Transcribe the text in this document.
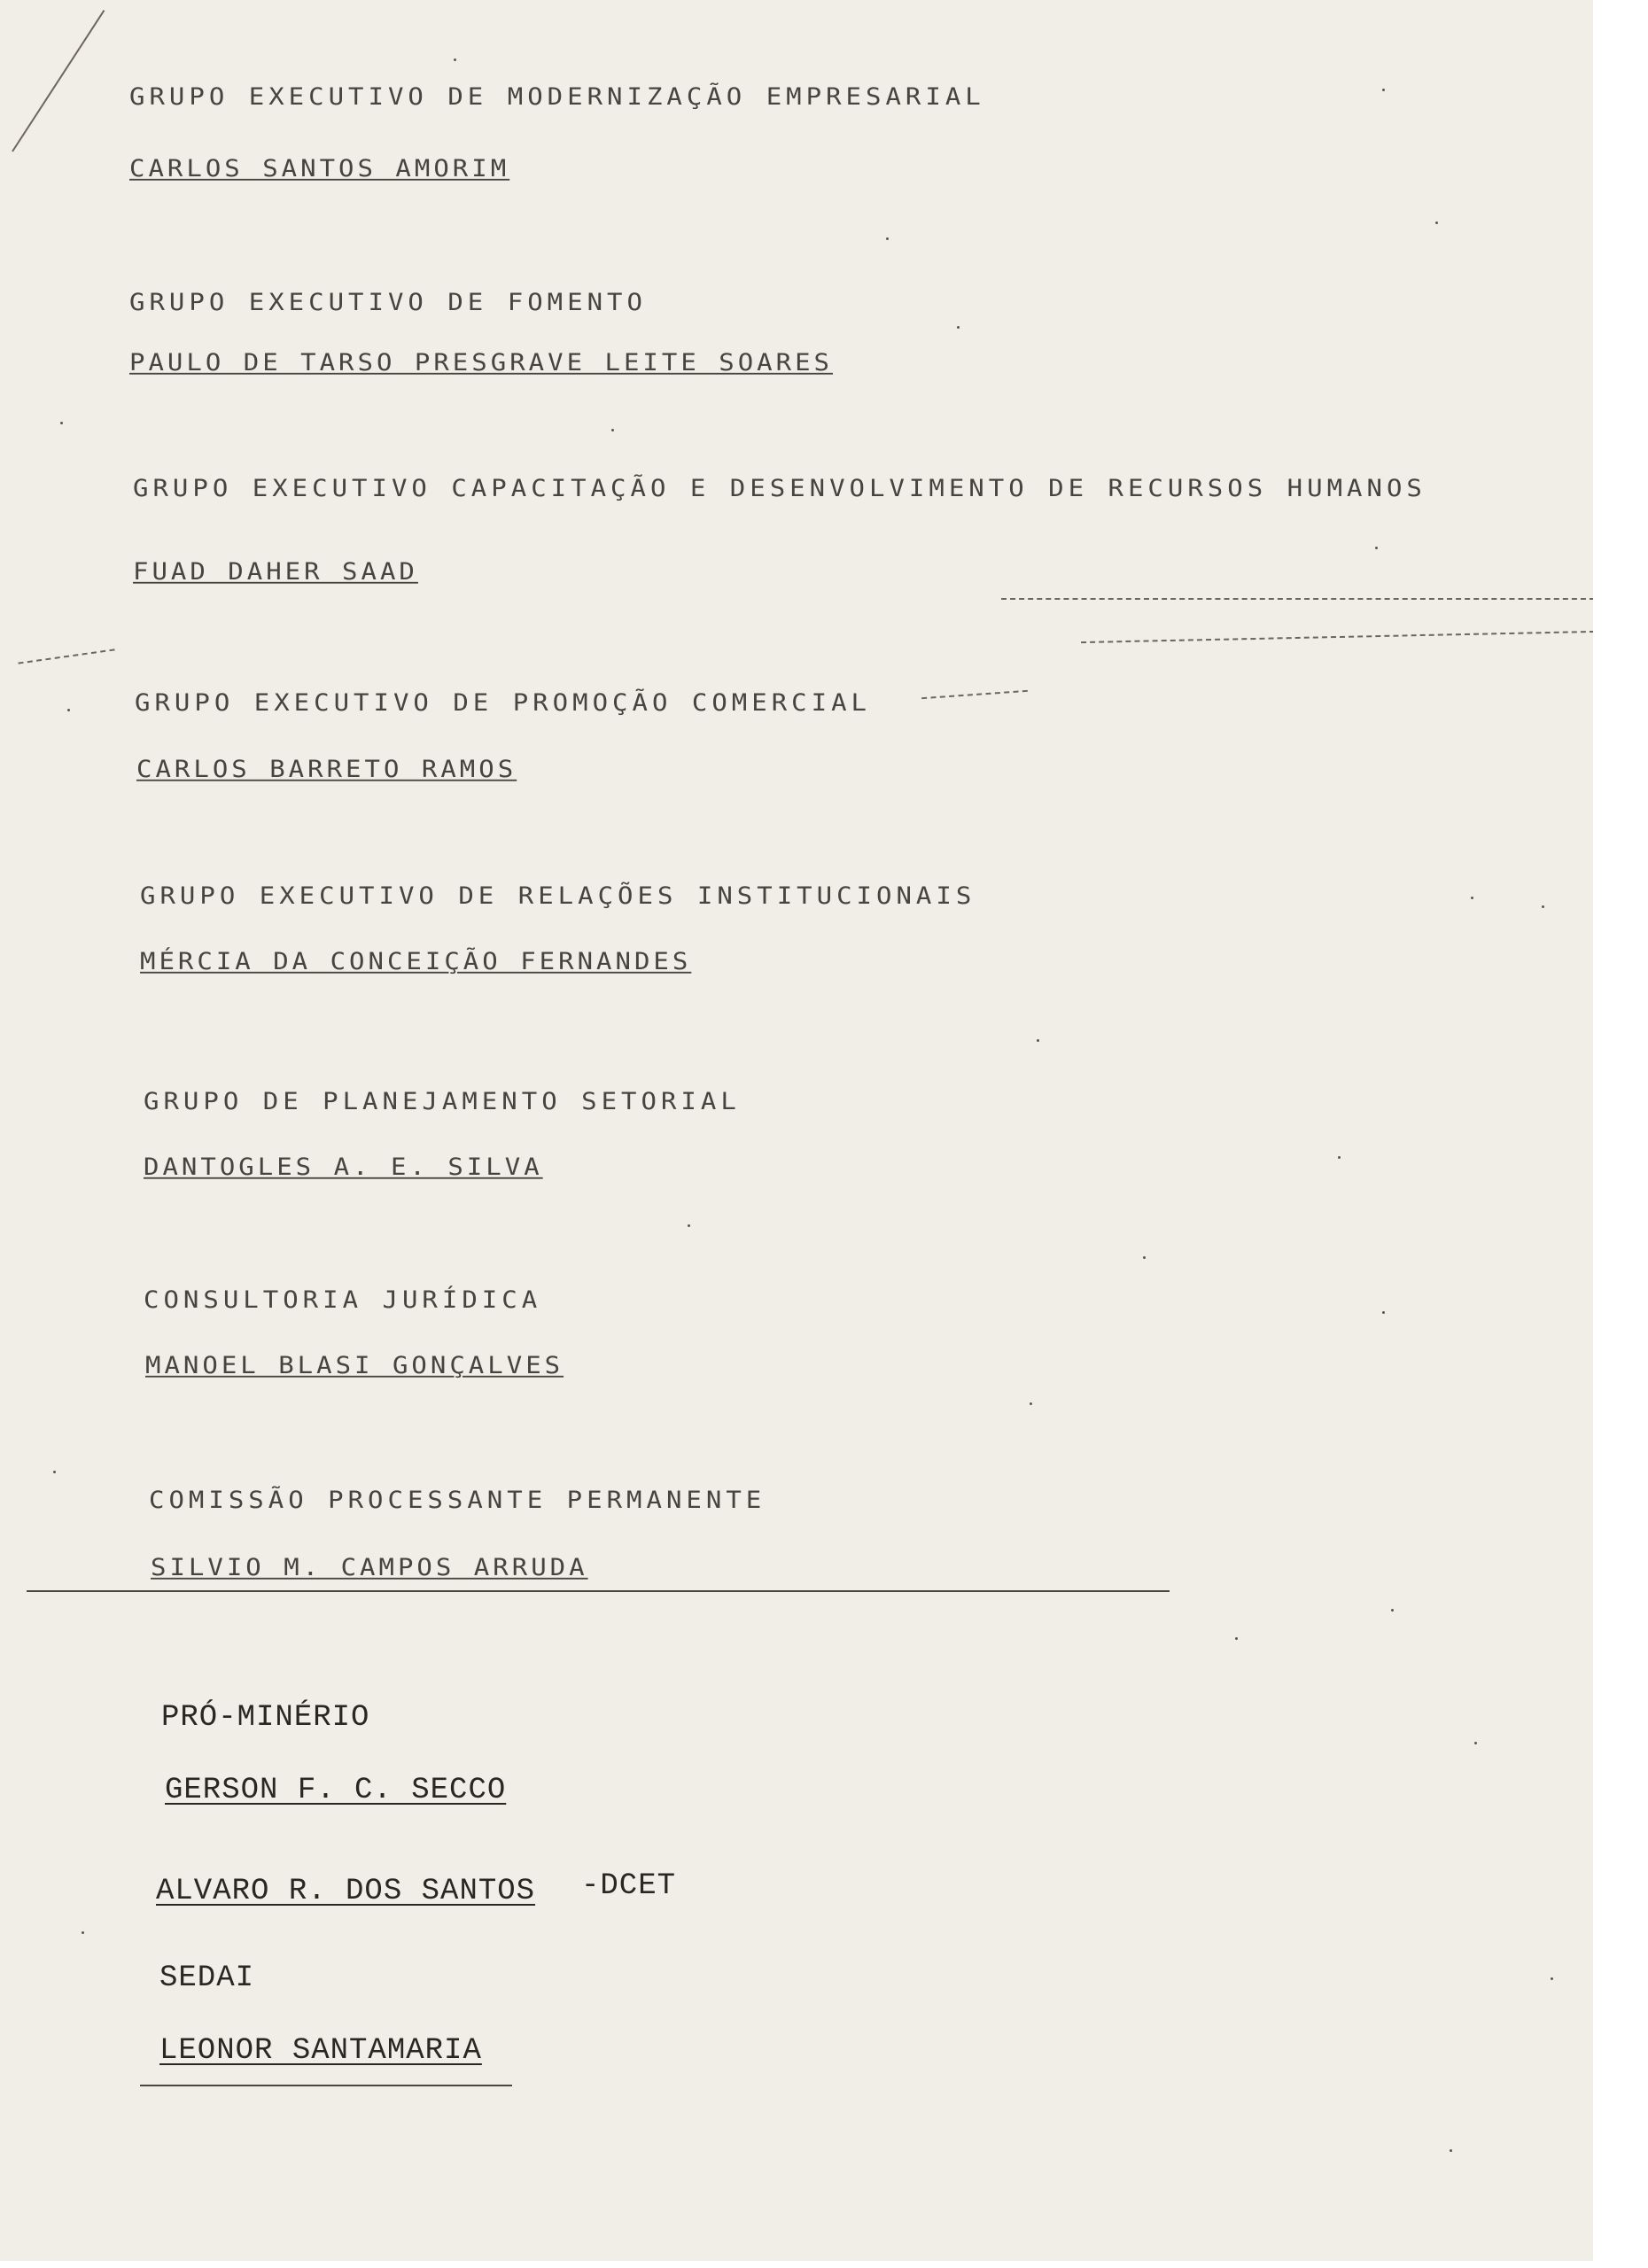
GRUPO EXECUTIVO DE MODERNIZAÇÃO EMPRESARIAL
CARLOS SANTOS AMORIM
GRUPO EXECUTIVO DE FOMENTO
PAULO DE TARSO PRESGRAVE LEITE SOARES
GRUPO EXECUTIVO CAPACITAÇÃO E DESENVOLVIMENTO DE RECURSOS HUMANOS
FUAD DAHER SAAD
GRUPO EXECUTIVO DE PROMOÇÃO COMERCIAL
CARLOS BARRETO RAMOS
GRUPO EXECUTIVO DE RELAÇÕES INSTITUCIONAIS
MÉRCIA DA CONCEIÇÃO FERNANDES
GRUPO DE PLANEJAMENTO SETORIAL
DANTOGLES A. E. SILVA
CONSULTORIA JURÍDICA
MANOEL BLASI GONÇALVES
COMISSÃO PROCESSANTE PERMANENTE
SILVIO M. CAMPOS ARRUDA
PRÓ-MINÉRIO
GERSON F. C. SECCO
ALVARO R. DOS SANTOS -DCET
SEDAI
LEONOR SANTAMARIA
